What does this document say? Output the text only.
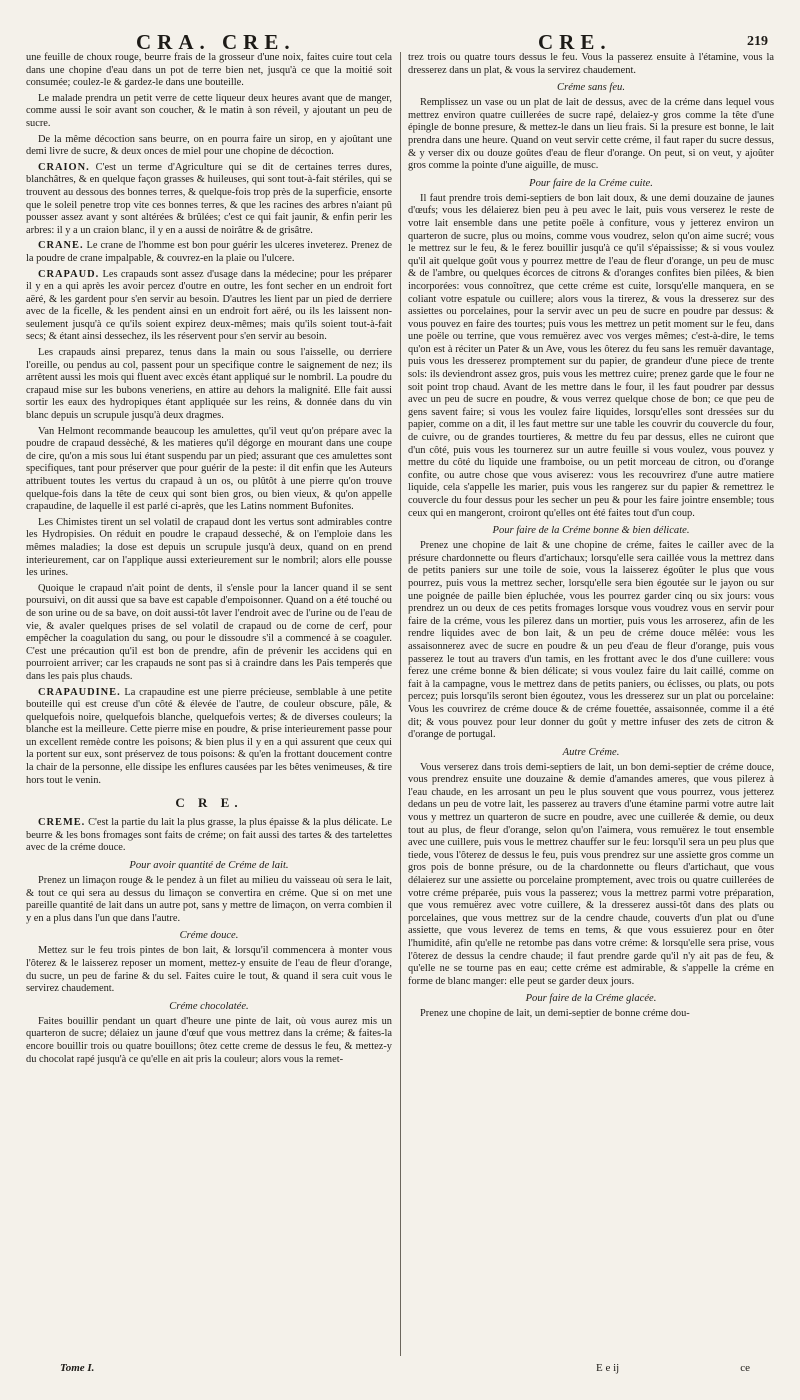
CRA. CRE.	CRE.	219

une feuille de choux rouge, beurre frais de la grosseur d'une noix, faites cuire tout cela dans une chopine d'eau dans un pot de terre bien net, jusqu'à ce que la moitié soit consumée; coulez-le & gardez-le dans une bouteille.

Le malade prendra un petit verre de cette liqueur deux heures avant que de manger, comme aussi le soir avant son coucher, & le matin à son réveil, y ajoutant un peu de sucre.

De la même décoction sans beurre, on en pourra faire un sirop, en y ajoûtant une demi livre de sucre, & deux onces de miel pour une chopine de décoction.

CRAION. C'est un terme d'Agriculture qui se dit de certaines terres dures, blanchâtres, & en quelque façon grasses & huileuses, qui sont tout-à-fait stériles, qui se trouvent au dessous des bonnes terres, & quelque-fois trop près de la superficie, ensorte que le soleil penetre trop vite ces bonnes terres, & que les racines des arbres n'aiant pû pousser assez avant y sont altérées & brûlées; c'est ce qui fait jaunir, & enfin perir les arbres: il y a un craion blanc, il y en a aussi de noirâtre & de grisâtre.

CRANE. Le crane de l'homme est bon pour guérir les ulceres inveterez. Prenez de la poudre de crane impalpable, & couvrez-en la plaie ou l'ulcere.

CRAPAUD. Les crapauds sont assez d'usage dans la médecine; pour les préparer il y en a qui après les avoir percez d'outre en outre, les font secher en un endroit fort aëré, & les gardent pour s'en servir au besoin. D'autres les lient par un pied de derriere avec de la ficelle, & les pendent ainsi en un endroit fort aëré, ou ils les laissent non-seulement jusqu'à ce qu'ils soient expirez deux-mêmes; mais qu'ils soient tout-à-fait secs; & étant ainsi dessechez, ils les réservent pour s'en servir au besoin.

Les crapauds ainsi preparez, tenus dans la main ou sous l'aisselle, ou derriere l'oreille, ou pendus au col, passent pour un specifique contre le saignement de nez; ils arrêtent aussi les mois qui fluent avec excès étant appliqué sur le nombril. La poudre du crapaud mise sur les bubons veneriens, en attire au dehors la malignité. Elle fait aussi sortir les eaux des hydropiques étant appliquée sur les reins, & donnée dans du vin blanc depuis un scrupule jusqu'à deux dragmes.

Van Helmont recommande beaucoup les amulettes, qu'il veut qu'on prépare avec la poudre de crapaud dessèché, & les matieres qu'il dégorge en mourant dans une coupe de cire, qu'on a mis sous lui étant suspendu par un pied; assurant que ces amulettes sont specifiques, tant pour préserver que pour guérir de la peste: il dit enfin que les Auteurs attribuent toutes les vertus du crapaud à un os, ou plûtôt à une pierre qu'on trouve quelque-fois dans la tête de ceux qui sont bien gros, ou bien vieux, & qu'on appelle crapaudine, de laquelle il est parlé ci-après, que les Latins nomment Bufonites.

Les Chimistes tirent un sel volatil de crapaud dont les vertus sont admirables contre les Hydropisies. On réduit en poudre le crapaud desseché, & on l'emploie dans les mêmes maladies; la dose est depuis un scrupule jusqu'à deux, quand on en prend interieurement, car on l'applique aussi exterieurement sur le nombril; alors elle pousse les urines.

Quoique le crapaud n'ait point de dents, il s'ensle pour la lancer quand il se sent poursuivi, on dit aussi que sa bave est capable d'empoisonner. Quand on a été touché ou de son urine ou de sa bave, on doit aussi-tôt laver l'endroit avec de l'urine ou de l'eau de vie, & avaler quelques prises de sel volatil de crapaud ou de corne de cerf, pour empêcher la coagulation du sang, ou pour le dissoudre s'il a commencé à se coaguler. C'est une précaution qu'il est bon de prendre, afin de prévenir les accidens qui en pourroient arriver; car les crapauds ne sont pas si à craindre dans les Pais temperés que dans les pais plus chauds.

CRAPAUDINE. La crapaudine est une pierre précieuse, semblable à une petite bouteille qui est creuse d'un côté & élevée de l'autre, de couleur obscure, pâle, & quelquefois noire, quelquefois blanche, quelquefois vertes; & de diverses couleurs; la blanche est la meilleure. Cette pierre mise en poudre, & prise interieurement passe pour un excellent remède contre les poisons; & bien plus il y en a qui assurent que ceux qui la portent sur eux, sont préservez de tous poisons: & qu'en la frottant doucement contre la chair de la personne, elle dissipe les enflures causées par les bêtes venimeuses, & tire hors tout le venin.

C R E.

CREME. C'est la partie du lait la plus grasse, la plus épaisse & la plus délicate. Le beurre & les bons fromages sont faits de créme; on fait aussi des tartes & des tartelettes avec de la créme douce.

Pour avoir quantité de Créme de lait.

Prenez un limaçon rouge & le pendez à un filet au milieu du vaisseau où sera le lait, & tout ce qui sera au dessus du limaçon se convertira en créme. Que si on met une pareille quantité de lait dans un autre pot, sans y mettre de limaçon, on verra combien il y en a plus dans l'un que dans l'autre.

Créme douce.

Mettez sur le feu trois pintes de bon lait, & lorsqu'il commencera à monter vous l'ôterez & le laisserez reposer un moment, mettez-y ensuite de l'eau de fleur d'orange, du sucre, un peu de farine & du sel. Faites cuire le tout, & quand il sera cuit vous le servirez chaudement.

Créme chocolatée.

Faites bouillir pendant un quart d'heure une pinte de lait, où vous aurez mis un quarteron de sucre; délaiez un jaune d'œuf que vous mettrez dans la créme; & faites-la encore bouillir trois ou quatre bouillons; ôtez cette creme de dessus le feu, & mettez-y du chocolat rapé jusqu'à ce qu'elle en ait pris la couleur; alors vous la remet-

trez trois ou quatre tours dessus le feu. Vous la passerez ensuite à l'étamine, vous la dresserez dans un plat, & vous la servirez chaudement.

Créme sans feu.

Remplissez un vase ou un plat de lait de dessus, avec de la créme dans lequel vous mettrez environ quatre cuillerées de sucre rapé, delaiez-y gros comme la tête d'une épingle de bonne presure, & mettez-le dans un lieu frais. Si la presure est bonne, le lait prendra dans une heure. Quand on veut servir cette créme, il faut raper du sucre dessus, & y verser dix ou douze goûtes d'eau de fleur d'orange. On peut, si on veut, y ajoûter gros comme la pointe d'une aiguille, de musc.

Pour faire de la Créme cuite.

Il faut prendre trois demi-septiers de bon lait doux, & une demi douzaine de jaunes d'œufs; vous les délaierez bien peu à peu avec le lait, puis vous verserez le reste de votre lait ensemble dans une petite poële à confiture, vous y jetterez environ un quarteron de sucre, plus ou moins, comme vous voudrez, selon qu'on aime sucré; vous le mettrez sur le feu, & le ferez bouillir jusqu'à ce qu'il s'épaississe; & si vous voulez qu'il ait quelque goût vous y pourrez mettre de l'eau de fleur d'orange, un peu de musc & de l'ambre, ou quelques écorces de citrons & d'oranges confites bien pilées, & bien incorporées: vous connoîtrez, que cette créme est cuite, lorsqu'elle manquera, en se coliant votre espatule ou cuillere; alors vous la tirerez, & vous la dresserez sur des assiettes ou porcelaines, pour la servir avec un peu de sucre en poudre par dessus: & vous pouvez en faire des tourtes; puis vous les mettrez un petit moment sur le feu, dans une poële ou terrine, que vous remuërez avec vos verges mêmes; c'est-à-dire, le tems qu'on est à réciter un Pater & un Ave, vous les ôterez du feu sans les remuër davantage, puis vous les dresserez promptement sur du papier, de grandeur d'une piece de trente sols: ils deviendront assez gros, puis vous les mettrez cuire; prenez garde que le four ne soit point trop chaud. Avant de les mettre dans le four, il les faut poudrer par dessus avec un peu de sucre en poudre, & vous verrez quelque chose de bon; ce que peu de gens savent faire; si vous les voulez faire liquides, lorsqu'elles sont dressées sur du papier, comme on a dit, il les faut mettre sur une table les couvrir du couvercle du four, de cuivre, ou de grandes tourtieres, & mettre du feu par dessus, elles ne cuiront que d'un côté, puis vous les tournerez sur un autre feuille si vous voulez, vous pouvez y mettre du côté du liquide une framboise, ou un petit morceau de citron, ou d'orange confite, ou autre chose que vous aviserez: vous les recouvrirez d'une autre matiere liquide, cela s'appelle les marier, puis vous les rangerez sur du papier & remettrez le couvercle du four dessus pour les secher un peu & pour les faire jointre ensemble; tous ceux qui en mangeront, croiront qu'elles ont été faites tout d'un coup.

Pour faire de la Créme bonne & bien délicate.

Prenez une chopine de lait & une chopine de créme, faites le cailler avec de la présure chardonnette ou fleurs d'artichaux; lorsqu'elle sera caillée vous la mettrez dans de petits paniers sur une toile de soie, vous la laisserez égoûter le plus que vous pourrez, puis vous la mettrez secher, lorsqu'elle sera bien égoutée sur le jayon ou sur une poignée de paille bien épluchée, vous les pourrez garder cinq ou six jours: vous prendrez un ou deux de ces petits fromages lorsque vous voudrez vous en servir pour faire de la créme, vous les pilerez dans un mortier, puis vous les arroserez, afin de les rendre liquides avec de bon lait, & un peu de créme douce mêlée: vous les assaisonnerez avec de sucre en poudre & un peu d'eau de fleur d'orange, puis vous passerez le tout au travers d'un tamis, en les frottant avec le dos d'une cuillere: vous ferez une créme bonne & bien délicate; si vous voulez faire du lait caillé, comme on fait à la campagne, vous le mettrez dans de petits paniers, ou éclisses, ou plats, ou pots percez; puis lorsqu'ils seront bien égoutez, vous les dresserez sur un plat ou porcelaine: Vous les couvrirez de créme douce & de créme fouettée, assaisonnée, comme il a été dit; & vous pouvez pour leur donner du goût y mettre infuser des zets de citron & d'orange de portugal.

Autre Créme.

Vous verserez dans trois demi-septiers de lait, un bon demi-septier de créme douce, vous prendrez ensuite une douzaine & demie d'amandes ameres, que vous pilerez à l'eau chaude, en les arrosant un peu le plus souvent que vous pourrez, vous jetterez dedans un peu de votre lait, les passerez au travers d'une étamine parmi votre autre lait vous y mettrez un quarteron de sucre en poudre, avec une cuillerée & demie, ou deux tout au plus, de fleur d'orange, selon qu'on l'aimera, vous remuërez le tout ensemble avec une cuillere, puis vous le mettrez chauffer sur le feu: lorsqu'il sera un peu plus que tiede, vous l'ôterez de dessus le feu, puis vous prendrez sur une assiette gros comme un gros pois de bonne présure, ou de la chardonnette ou fleurs d'artichaut, que vous délaierez sur une assiette ou porcelaine promptement, avec trois ou quatre cuillerées de votre créme préparée, puis vous la passerez; vous la mettrez parmi votre préparation, que vous remuërez avec votre cuillere, & la dresserez aussi-tôt dans des plats ou porcelaines, que vous mettrez sur de la cendre chaude, couverts d'un plat ou d'une assiette, que vous leverez de tems en tems, & que vous essuierez pour en ôter l'humidité, afin qu'elle ne retombe pas dans votre créme: & lorsqu'elle sera prise, vous l'ôterez de dessus la cendre chaude; il faut prendre garde qu'il n'y ait pas de feu, & qu'elle ne se tourne pas en eau; cette créme est admirable, & s'appelle la créme en forme de blanc manger: elle peut se garder deux jours.

Pour faire de la Créme glacée.

Prenez une chopine de lait, un demi-septier de bonne créme dou-

Tome I.	E e ij	ce
